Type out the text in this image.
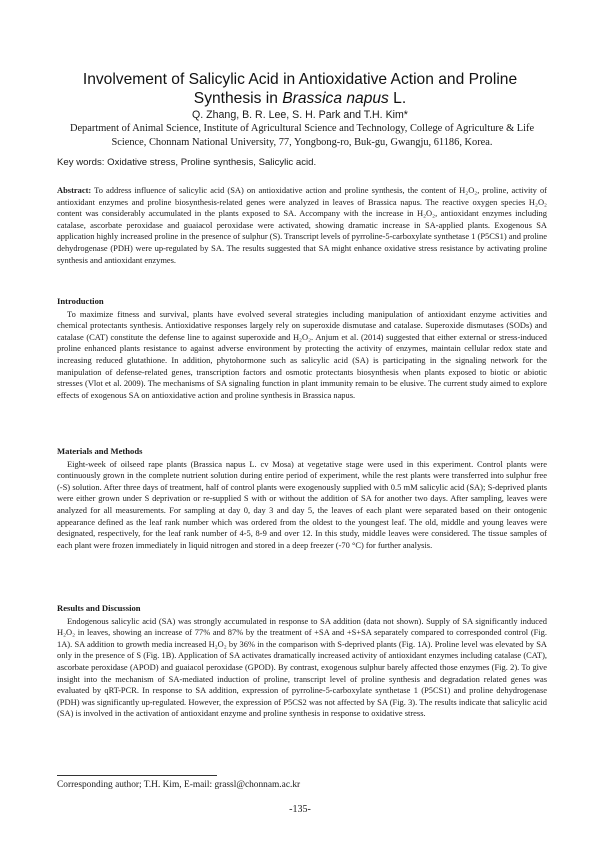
Involvement of Salicylic Acid in Antioxidative Action and Proline
Synthesis in Brassica napus L.
Q. Zhang, B. R. Lee, S. H. Park and T.H. Kim*
Department of Animal Science, Institute of Agricultural Science and Technology, College of Agriculture & Life Science, Chonnam National University, 77, Yongbong-ro, Buk-gu, Gwangju, 61186, Korea.
Key words: Oxidative stress, Proline synthesis, Salicylic acid.

Abstract: To address influence of salicylic acid (SA) on antioxidative action and proline synthesis, the content of H₂O₂, proline, activity of antioxidant enzymes and proline biosynthesis-related genes were analyzed in leaves of Brassica napus. The reactive oxygen species H₂O₂ content was considerably accumulated in the plants exposed to SA. Accompany with the increase in H₂O₂, antioxidant enzymes including catalase, ascorbate peroxidase and guaiacol peroxidase were activated, showing dramatic increase in SA-applied plants. Exogenous SA application highly increased proline in the presence of sulphur (S). Transcript levels of pyrroline-5-carboxylate synthetase 1 (P5CS1) and proline dehydrogenase (PDH) were up-regulated by SA. The results suggested that SA might enhance oxidative stress resistance by activating proline synthesis and antioxidant enzymes.

Introduction

To maximize fitness and survival, plants have evolved several strategies including manipulation of antioxidant enzyme activities and chemical protectants synthesis. Antioxidative responses largely rely on superoxide dismutase and catalase. Superoxide dismutases (SODs) and catalase (CAT) constitute the defense line to against superoxide and H₂O₂. Anjum et al. (2014) suggested that either external or stress-induced proline enhanced plants resistance to against adverse environment by protecting the activity of enzymes, maintain cellular redox state and increasing reduced glutathione. In addition, phytohormone such as salicylic acid (SA) is participating in the signaling network for the manipulation of defense-related genes, transcription factors and osmotic protectants biosynthesis when plants exposed to biotic or abiotic stresses (Vlot et al. 2009). The mechanisms of SA signaling function in plant immunity remain to be elusive. The current study aimed to explore effects of exogenous SA on antioxidative action and proline synthesis in Brassica napus.

Materials and Methods

Eight-week of oilseed rape plants (Brassica napus L. cv Mosa) at vegetative stage were used in this experiment. Control plants were continuously grown in the complete nutrient solution during entire period of experiment, while the rest plants were transferred into sulphur free (-S) solution. After three days of treatment, half of control plants were exogenously supplied with 0.5 mM salicylic acid (SA); S-deprived plants were either grown under S deprivation or re-supplied S with or without the addition of SA for another two days. After sampling, leaves were analyzed for all measurements. For sampling at day 0, day 3 and day 5, the leaves of each plant were separated based on their ontogenic appearance defined as the leaf rank number which was ordered from the oldest to the youngest leaf. The old, middle and young leaves were designated, respectively, for the leaf rank number of 4-5, 8-9 and over 12. In this study, middle leaves were considered. The tissue samples of each plant were frozen immediately in liquid nitrogen and stored in a deep freezer (-70 °C) for further analysis.

Results and Discussion

Endogenous salicylic acid (SA) was strongly accumulated in response to SA addition (data not shown). Supply of SA significantly induced H₂O₂ in leaves, showing an increase of 77% and 87% by the treatment of +SA and +S+SA separately compared to corresponded control (Fig. 1A). SA addition to growth media increased H₂O₂ by 36% in the comparison with S-deprived plants (Fig. 1A). Proline level was elevated by SA only in the presence of S (Fig. 1B). Application of SA activates dramatically increased activity of antioxidant enzymes including catalase (CAT), ascorbate peroxidase (APOD) and guaiacol peroxidase (GPOD). By contrast, exogenous sulphur barely affected those enzymes (Fig. 2). To give insight into the mechanism of SA-mediated induction of proline, transcript level of proline synthesis and degradation related genes was evaluated by qRT-PCR. In response to SA addition, expression of pyrroline-5-carboxylate synthetase 1 (P5CS1) and proline dehydrogenase (PDH) was significantly up-regulated. However, the expression of P5CS2 was not affected by SA (Fig. 3). The results indicate that salicylic acid (SA) is involved in the activation of antioxidant enzyme and proline synthesis in response to oxidative stress.

Corresponding author; T.H. Kim, E-mail: grassl@chonnam.ac.kr
-135-
